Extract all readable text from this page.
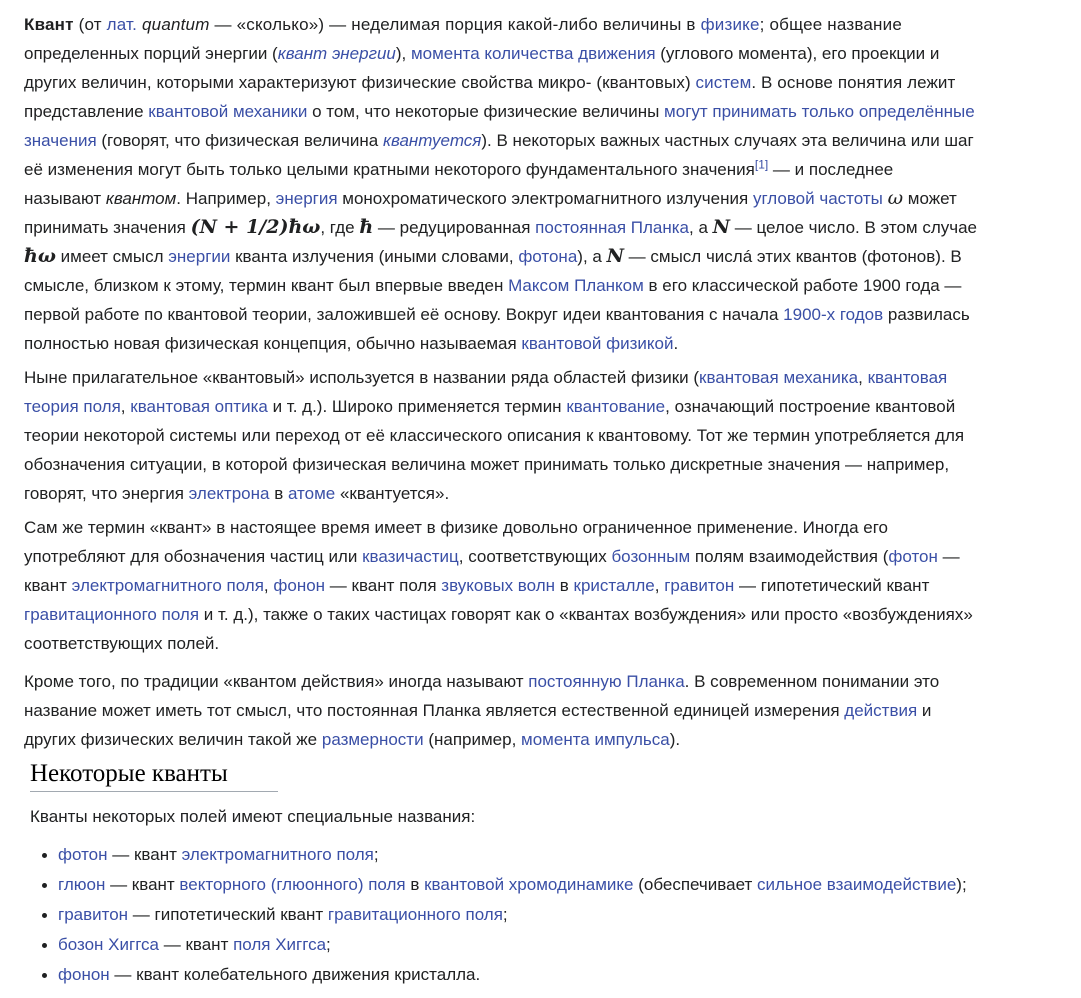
Квант (от лат. quantum — «сколько») — неделимая порция какой-либо величины в физике; общее название
определенных порций энергии (квант энергии), момента количества движения (углового момента), его проекции и
других величин, которыми характеризуют физические свойства микро- (квантовых) систем. В основе понятия лежит
представление квантовой механики о том, что некоторые физические величины могут принимать только определённые
значения (говорят, что физическая величина квантуется). В некоторых важных частных случаях эта величина или шаг
её изменения могут быть только целыми кратными некоторого фундаментального значения[1] — и последнее
называют квантом. Например, энергия монохроматического электромагнитного излучения угловой частоты ω может
принимать значения (N + 1/2)ħω, где ħ — редуцированная постоянная Планка, а N — целое число. В этом случае
ħω имеет смысл энергии кванта излучения (иными словами, фотона), а N — смысл числá этих квантов (фотонов). В
смысле, близком к этому, термин квант был впервые введен Максом Планком в его классической работе 1900 года —
первой работе по квантовой теории, заложившей её основу. Вокруг идеи квантования с начала 1900-х годов развилась
полностью новая физическая концепция, обычно называемая квантовой физикой.
Ныне прилагательное «квантовый» используется в названии ряда областей физики (квантовая механика, квантовая
теория поля, квантовая оптика и т. д.). Широко применяется термин квантование, означающий построение квантовой
теории некоторой системы или переход от её классического описания к квантовому. Тот же термин употребляется для
обозначения ситуации, в которой физическая величина может принимать только дискретные значения — например,
говорят, что энергия электрона в атоме «квантуется».
Сам же термин «квант» в настоящее время имеет в физике довольно ограниченное применение. Иногда его
употребляют для обозначения частиц или квазичастиц, соответствующих бозонным полям взаимодействия (фотон —
квант электромагнитного поля, фонон — квант поля звуковых волн в кристалле, гравитон — гипотетический квант
гравитационного поля и т. д.), также о таких частицах говорят как о «квантах возбуждения» или просто «возбуждениях»
соответствующих полей.
Кроме того, по традиции «квантом действия» иногда называют постоянную Планка. В современном понимании это
название может иметь тот смысл, что постоянная Планка является естественной единицей измерения действия и
других физических величин такой же размерности (например, момента импульса).
Некоторые кванты
Кванты некоторых полей имеют специальные названия:
фотон — квант электромагнитного поля;
глюон — квант векторного (глюонного) поля в квантовой хромодинамике (обеспечивает сильное взаимодействие);
гравитон — гипотетический квант гравитационного поля;
бозон Хиггса — квант поля Хиггса;
фонон — квант колебательного движения кристалла.
